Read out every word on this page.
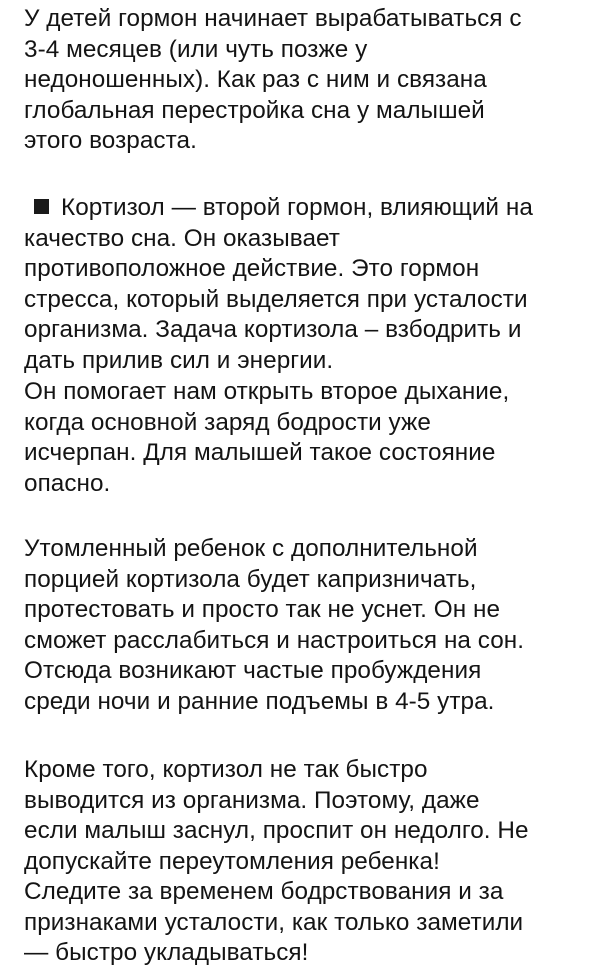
У детей гормон начинает вырабатываться с
3-4 месяцев (или чуть позже у
недоношенных). Как раз с ним и связана
глобальная перестройка сна у малышей
этого возраста.

Кортизол — второй гормон, влияющий на
качество сна. Он оказывает
противоположное действие. Это гормон
стресса, который выделяется при усталости
организма. Задача кортизола – взбодрить и
дать прилив сил и энергии.

Он помогает нам открыть второе дыхание,
когда основной заряд бодрости уже
исчерпан. Для малышей такое состояние
опасно.

Утомленный ребенок с дополнительной
порцией кортизола будет капризничать,
протестовать и просто так не уснет. Он не
сможет расслабиться и настроиться на сон.
Отсюда возникают частые пробуждения
среди ночи и ранние подъемы в 4-5 утра.

Кроме того, кортизол не так быстро
выводится из организма. Поэтому, даже
если малыш заснул, проспит он недолго. Не
допускайте переутомления ребенка!
Следите за временем бодрствования и за
признаками усталости, как только заметили
— быстро укладываться!
